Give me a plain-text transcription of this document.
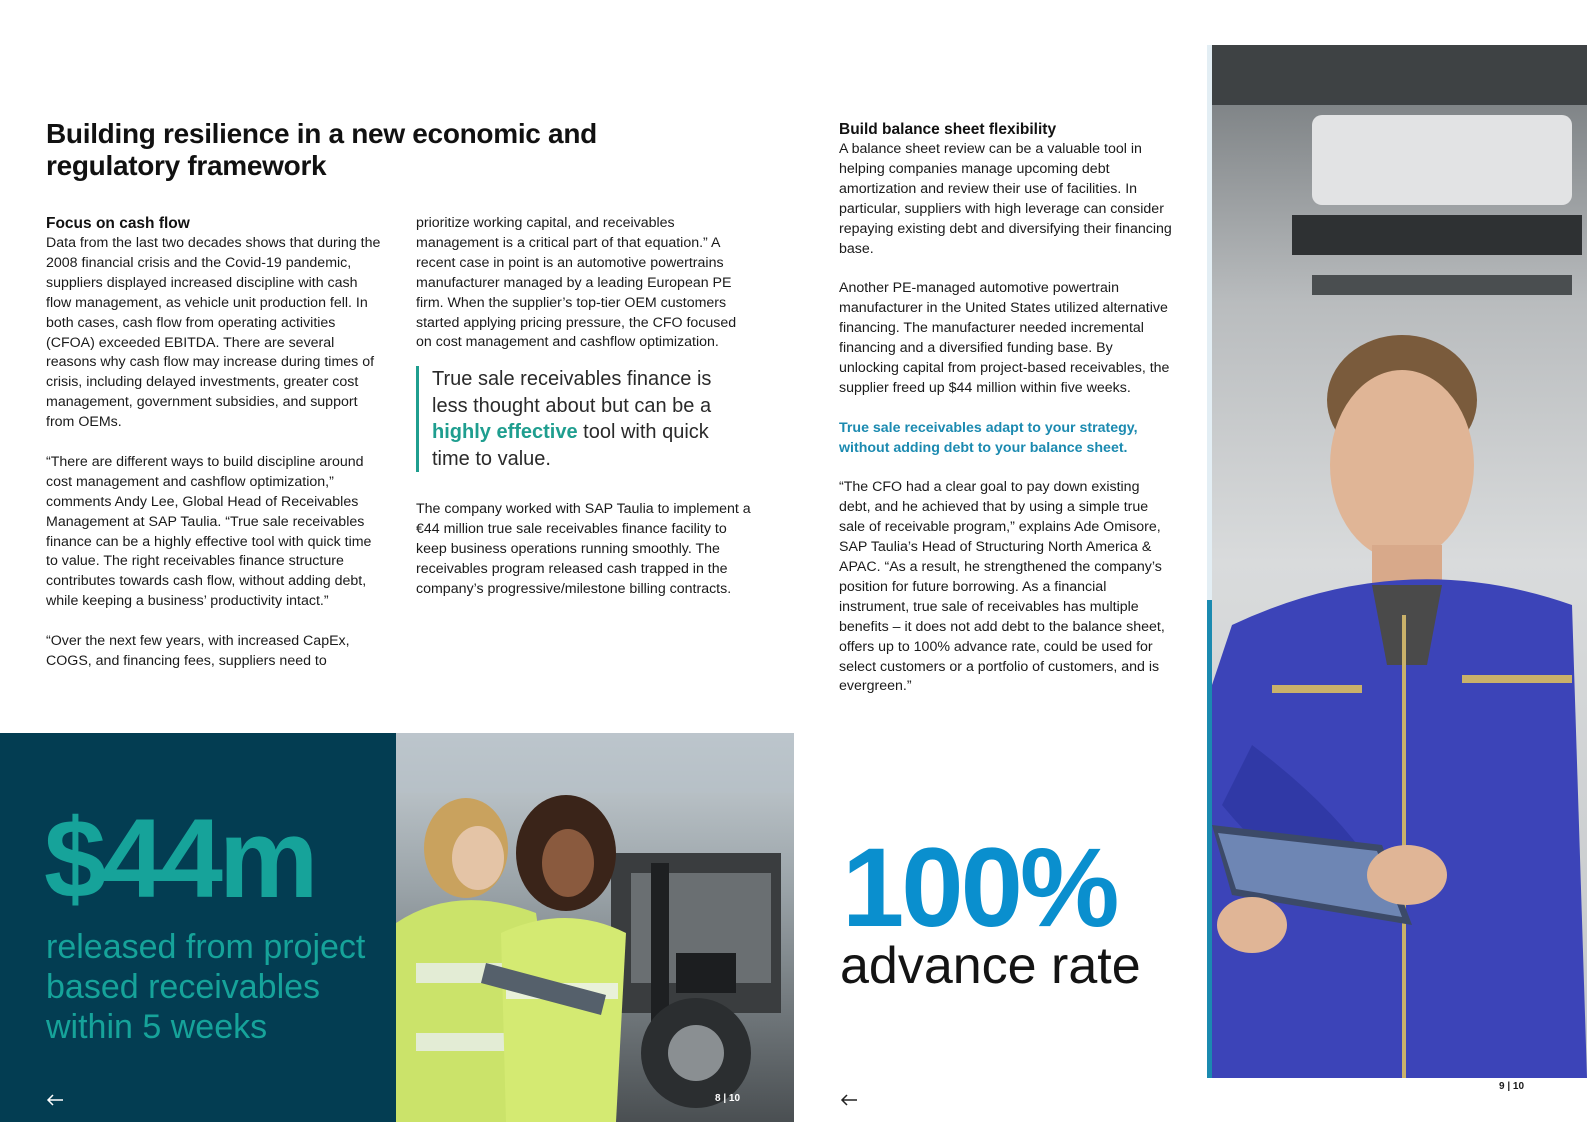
Building resilience in a new economic and regulatory framework
Focus on cash flow

Data from the last two decades shows that during the 2008 financial crisis and the Covid-19 pandemic, suppliers displayed increased discipline with cash flow management, as vehicle unit production fell. In both cases, cash flow from operating activities (CFOA) exceeded EBITDA. There are several reasons why cash flow may increase during times of crisis, including delayed investments, greater cost management, government subsidies, and support from OEMs.

“There are different ways to build discipline around cost management and cashflow optimization,” comments Andy Lee, Global Head of Receivables Management at SAP Taulia. “True sale receivables finance can be a highly effective tool with quick time to value. The right receivables finance structure contributes towards cash flow, without adding debt, while keeping a business’ productivity intact.”

“Over the next few years, with increased CapEx, COGS, and financing fees, suppliers need to

prioritize working capital, and receivables management is a critical part of that equation.” A recent case in point is an automotive powertrains manufacturer managed by a leading European PE firm. When the supplier’s top-tier OEM customers started applying pricing pressure, the CFO focused on cost management and cashflow optimization.

True sale receivables finance is less thought about but can be a highly effective tool with quick time to value.

The company worked with SAP Taulia to implement a €44 million true sale receivables finance facility to keep business operations running smoothly. The receivables program released cash trapped in the company’s progressive/milestone billing contracts.

$44m
released from project based receivables within 5 weeks
8 | 10
Build balance sheet flexibility

A balance sheet review can be a valuable tool in helping companies manage upcoming debt amortization and review their use of facilities. In particular, suppliers with high leverage can consider repaying existing debt and diversifying their financing base.

Another PE-managed automotive powertrain manufacturer in the United States utilized alternative financing. The manufacturer needed incremental financing and a diversified funding base. By unlocking capital from project-based receivables, the supplier freed up $44 million within five weeks.

True sale receivables adapt to your strategy, without adding debt to your balance sheet.

“The CFO had a clear goal to pay down existing debt, and he achieved that by using a simple true sale of receivable program,” explains Ade Omisore, SAP Taulia’s Head of Structuring North America & APAC. “As a result, he strengthened the company’s position for future borrowing. As a financial instrument, true sale of receivables has multiple benefits – it does not add debt to the balance sheet, offers up to 100% advance rate, could be used for select customers or a portfolio of customers, and is evergreen.”

100%
advance rate
9 | 10
